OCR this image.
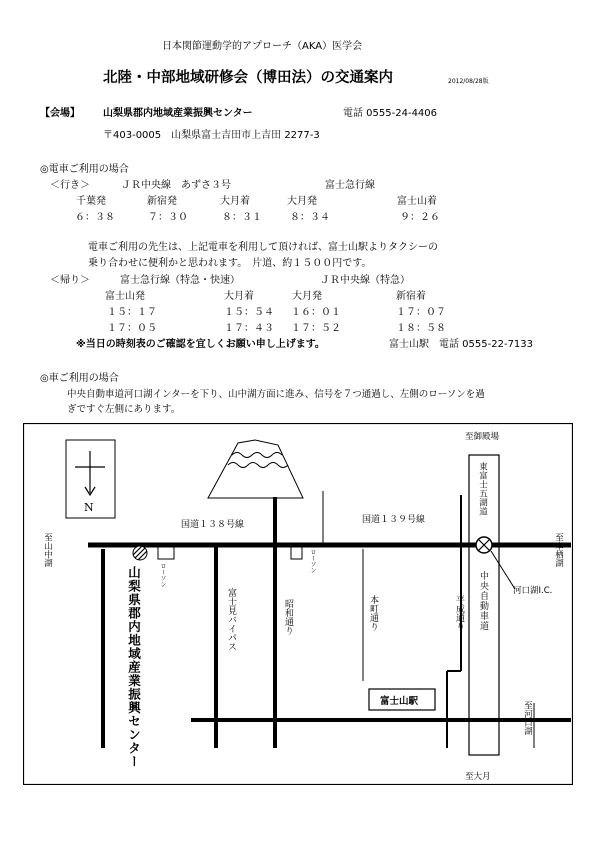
日本関節運動学的アプローチ（AKA）医学会
北陸・中部地域研修会（博田法）の交通案内	2012/08/28版
【会場】 山梨県郡内地域産業振興センター	電話 0555-24-4406
〒403-0005　山梨県富士吉田市上吉田 2277-3
◎電車ご利用の場合
＜行き＞	ＪＲ中央線　あずさ３号	富士急行線
千葉発	新宿発	大月着	大月発	富士山着
６：３８	７：３０	８：３１	８：３４	９：２６
電車ご利用の先生は、上記電車を利用して頂ければ、富士山駅よりタクシーの
乗り合わせに便利かと思われます。　片道、約１５００円です。
＜帰り＞	富士急行線（特急・快速）	ＪＲ中央線（特急）
富士山発	大月着	大月発	新宿着
１５：１７	１５：５４ １６：０１	１７：０７
１７：０５	１７：４３ １７：５２	１８：５８
※当日の時刻表のご確認を宜しくお願い申し上げます。	富士山駅　電話 0555-22-7133
◎車ご利用の場合
中央自動車道河口湖インターを下り、山中湖方面に進み、信号を７つ通過し、左側のローソンを過
ぎですぐ左側にあります。
N
国道１３８号線	国道１３９号線
富士山駅
至御殿場
至大月
河口湖I.C.
至山中湖	至本栖湖
至河口湖
東富士五湖道
中央自動車道
ローソン
ローソン
富士見バイパス	昭和通り	本町通り	平成通り
山梨県郡内地域産業振興センター
